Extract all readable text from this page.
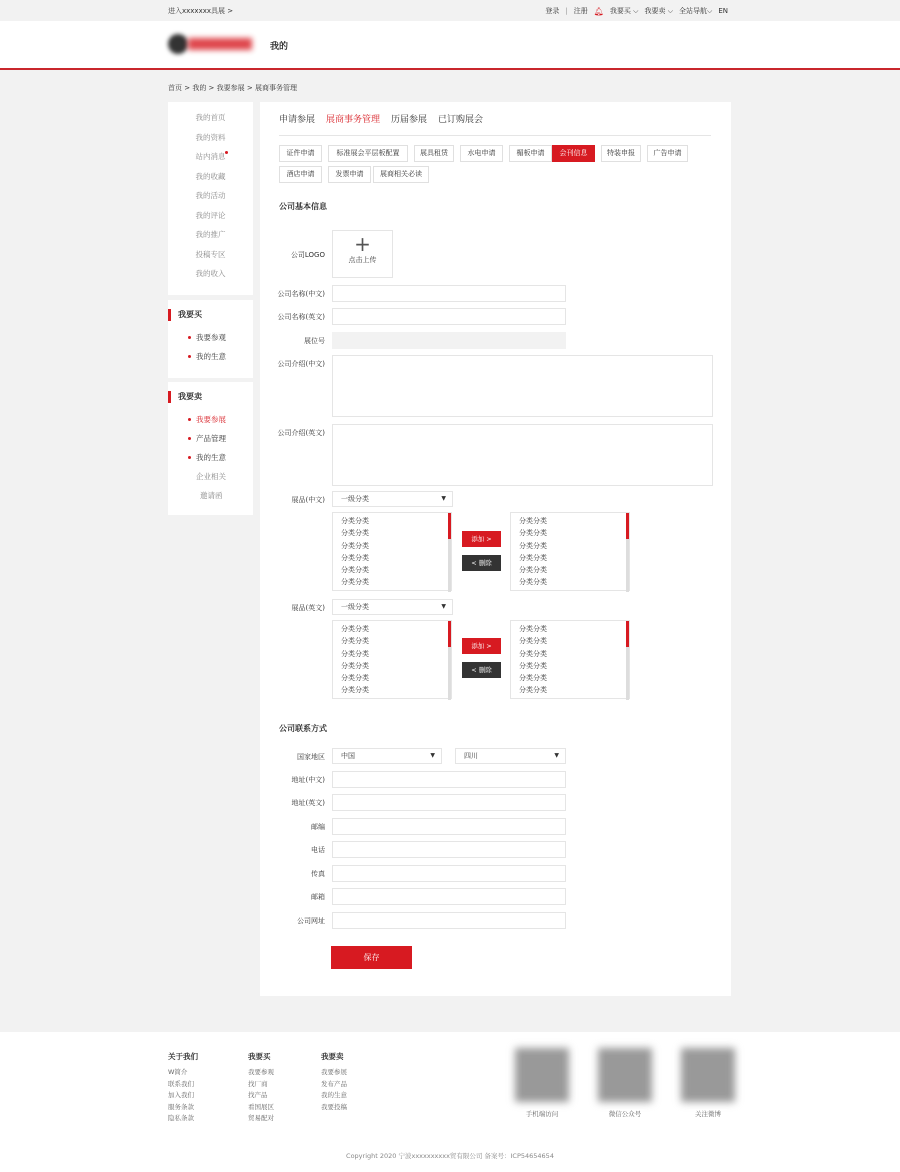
进入xxxxxxx具展 >	登录 | 注册 🔔︎ 我要买 ⌵ 我要卖 ⌵ 全站导航⌵ EN
我的
首页 > 我的 > 我要参展 > 展商事务管理
我的首页
我的资料
站内消息
我的收藏
我的活动
我的评论
我的推广
投稿专区
我的收入
我要买
我要参观
我的生意
我要卖
我要参展
产品管理
我的生意
企业相关
邀请函
申请参展 展商事务管理 历届参展 已订购展会
证件申请	标准展会平层板配置	展具租赁	水电申请	楣板申请	会刊信息	特装申报	广告申请
酒店申请	发票申请	展商相关必读
公司基本信息
公司LOGO	+
点击上传
公司名称(中文)
公司名称(英文)
展位号
公司介绍(中文)
公司介绍(英文)
展品(中文)	一级分类	▼
分类分类
分类分类
分类分类
分类分类
分类分类
分类分类
添加 >
< 删除
分类分类
分类分类
分类分类
分类分类
分类分类
分类分类
展品(英文)	一级分类	▼
分类分类
分类分类
分类分类
分类分类
分类分类
分类分类
添加 >
< 删除
分类分类
分类分类
分类分类
分类分类
分类分类
分类分类
公司联系方式
国家地区	中国	▼	四川	▼
地址(中文)
地址(英文)
邮编
电话
传真
邮箱
公司网址
保存
关于我们
W简介
联系我们
加入我们
服务条款
隐私条款
我要买
我要参观
找厂商
找产品
看国展区
贸易配对
我要卖
我要参展
发布产品
我的生意
我要投稿
手机端访问	微信公众号	关注微博
Copyright 2020 宁波xxxxxxxxxx贸有限公司 备案号：ICP54654654
